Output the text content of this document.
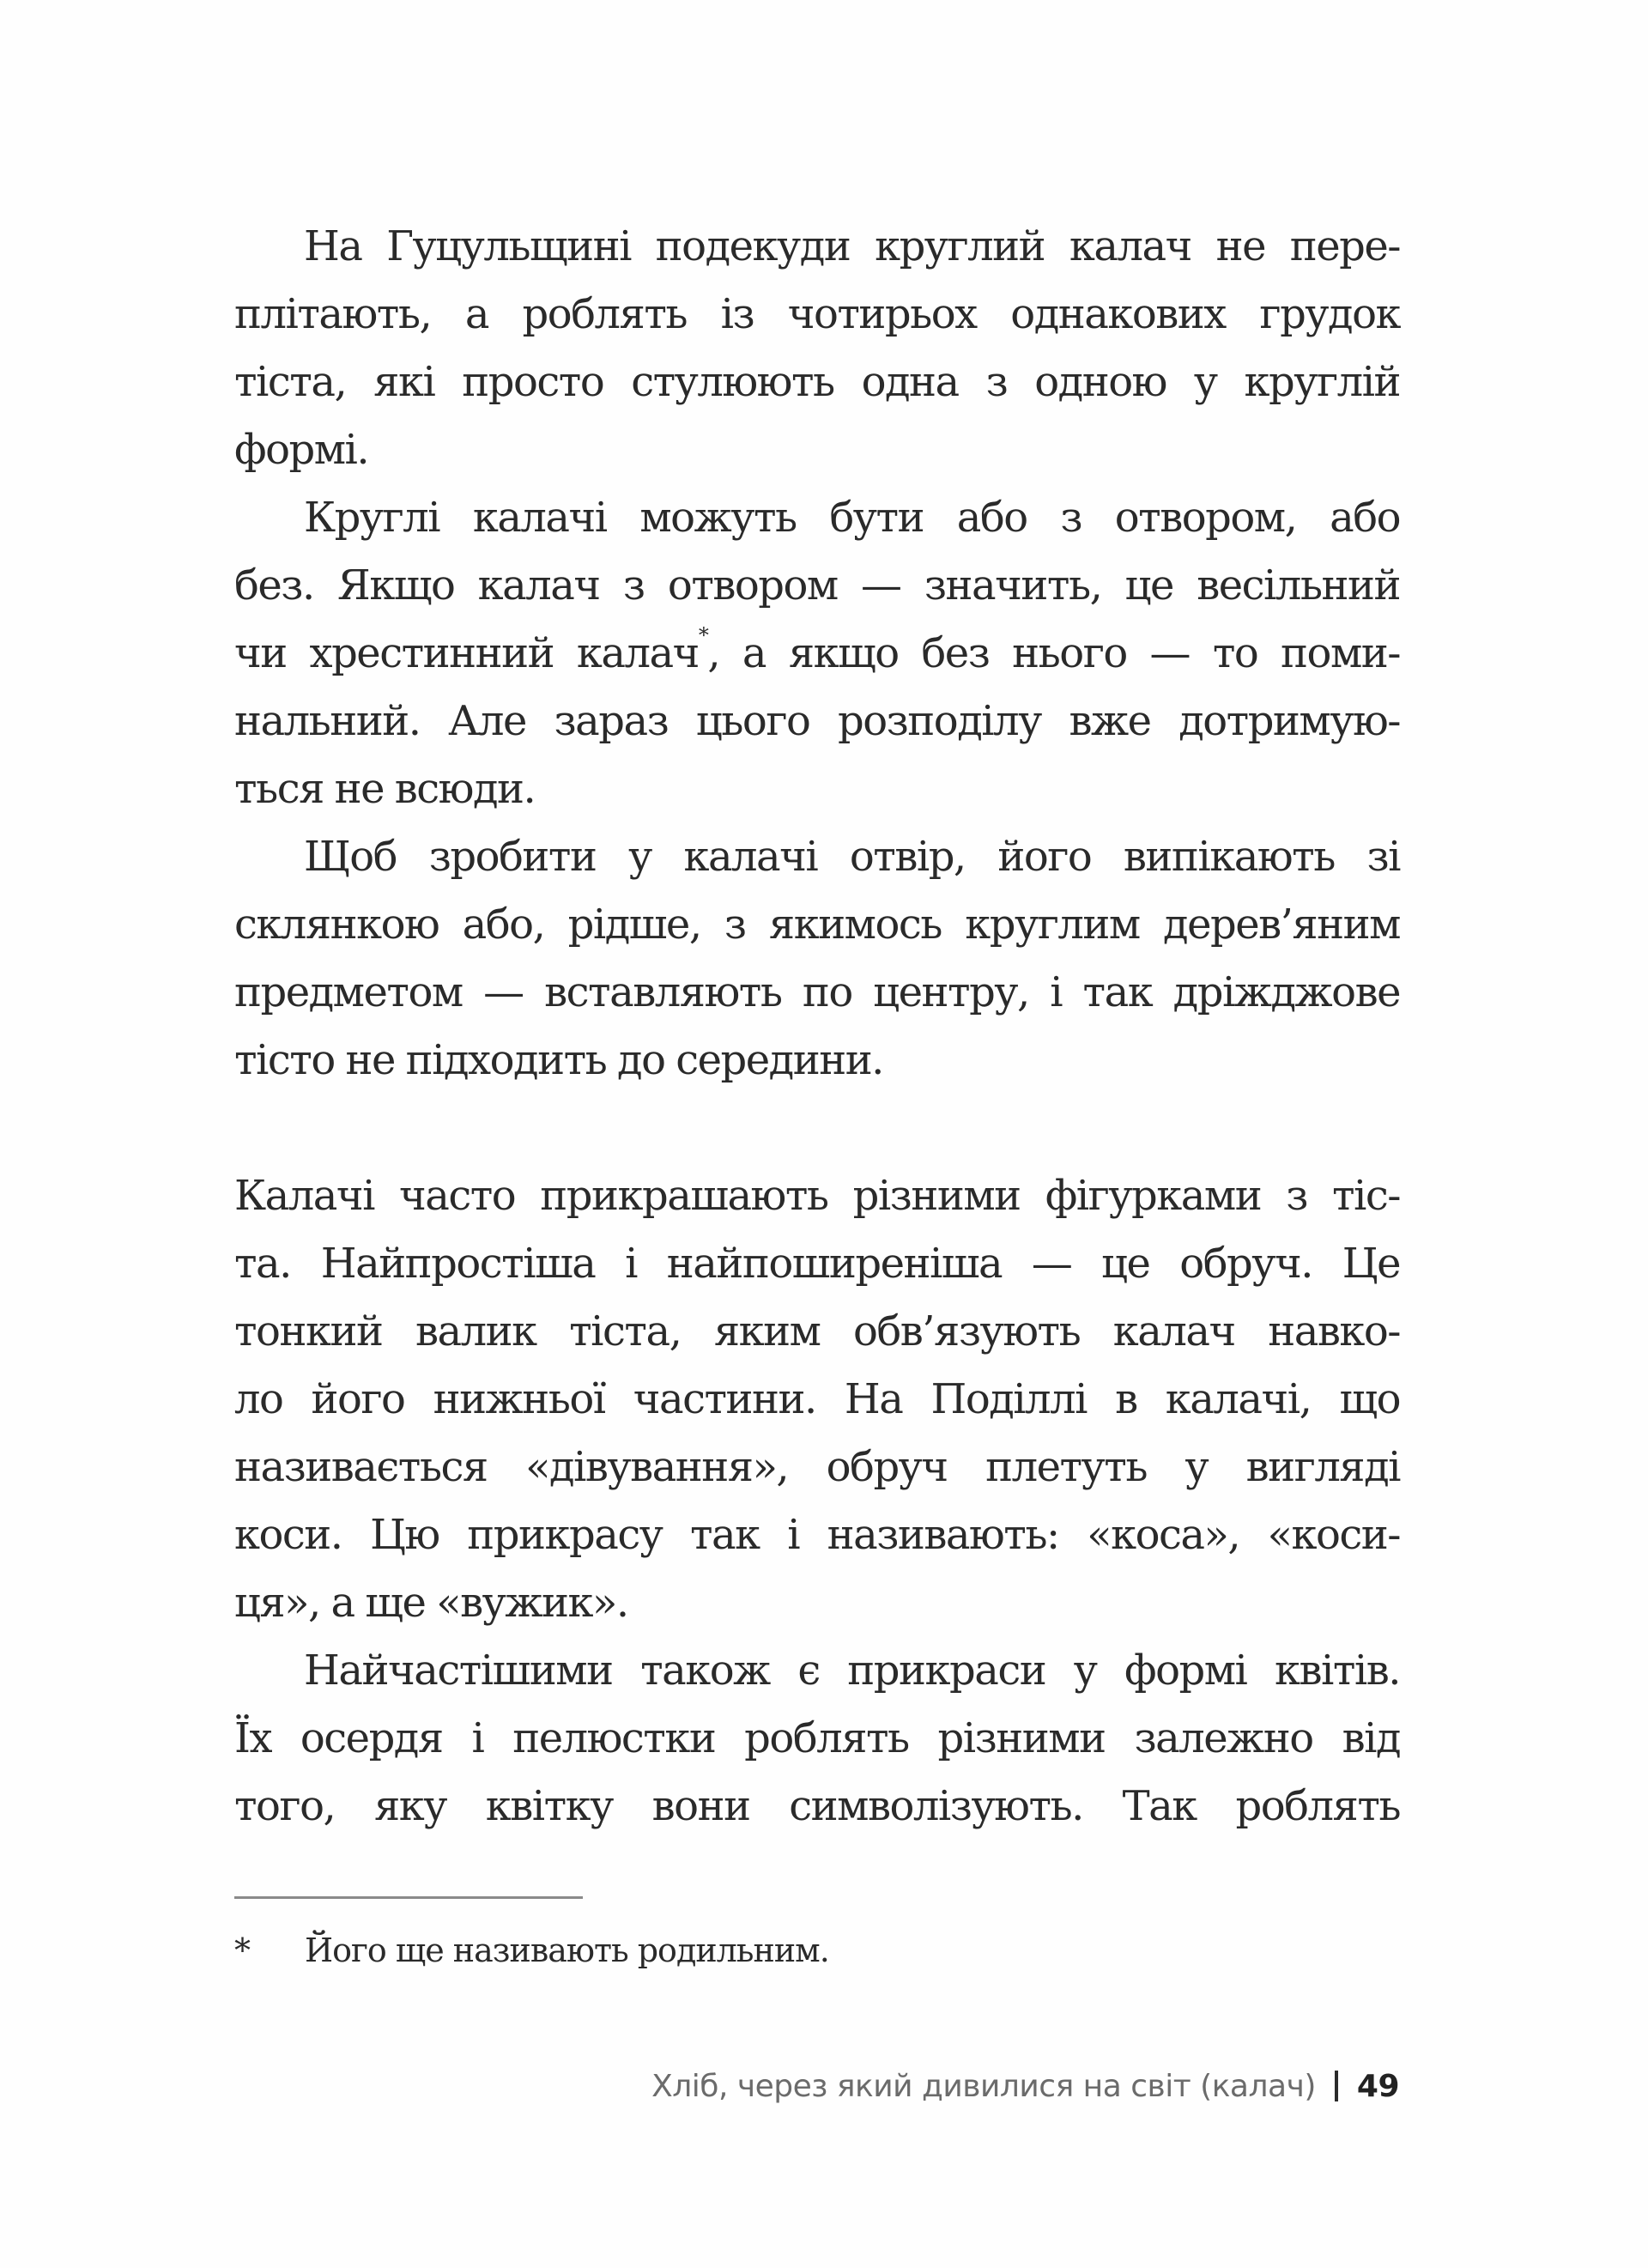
На Гуцульщині подекуди круглий калач не пере-
плітають, а роблять із чотирьох однакових грудок
тіста, які просто стулюють одна з одною у круглій
формі.
Круглі калачі можуть бути або з отвором, або
без. Якщо калач з отвором — значить, це весільний
чи хрестинний калач*, а якщо без нього — то поми-
нальний. Але зараз цього розподілу вже дотримую-
ться не всюди.
Щоб зробити у калачі отвір, його випікають зі
склянкою або, рідше, з якимось круглим дерев’яним
предметом — вставляють по центру, і так дріжджове
тісто не підходить до середини.
Калачі часто прикрашають різними фігурками з тіс-
та. Найпростіша і найпоширеніша — це обруч. Це
тонкий валик тіста, яким обв’язують калач навко-
ло його нижньої частини. На Поділлі в калачі, що
називається «дівування», обруч плетуть у вигляді
коси. Цю прикрасу так і називають: «коса», «коси-
ця», а ще «вужик».
Найчастішими також є прикраси у формі квітів.
Їх осердя і пелюстки роблять різними залежно від
того, яку квітку вони символізують. Так роблять
* Його ще називають родильним.
Хліб, через який дивилися на світ (калач) 49
